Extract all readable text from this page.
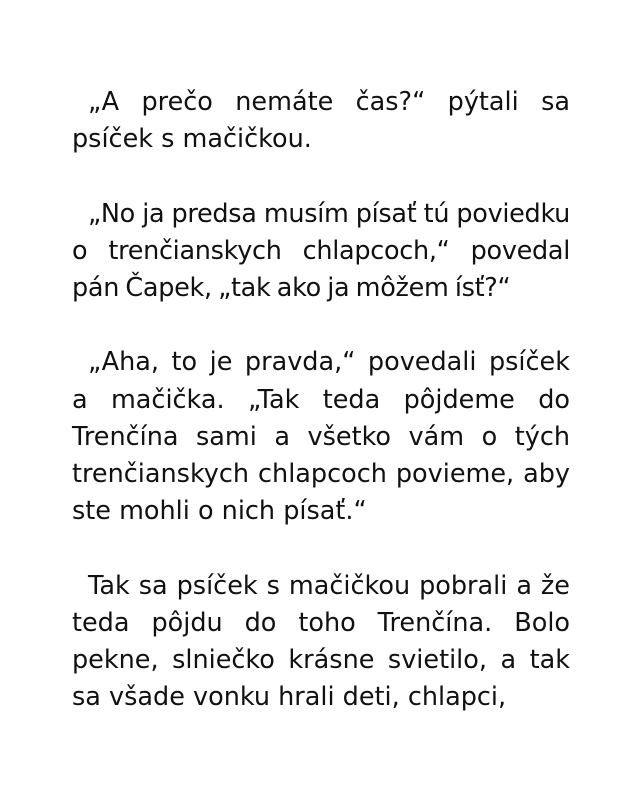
„A prečo nemáte čas?“ pýtali sa psíček s mačičkou.

„No ja predsa musím písať tú poviedku o trenčianskych chlapcoch,“ povedal pán Čapek, „tak ako ja môžem ísť?“

„Aha, to je pravda,“ povedali psíček a mačička. „Tak teda pôjdeme do Trenčína sami a všetko vám o tých trenčianskych chlapcoch povieme, aby ste mohli o nich písať.“

Tak sa psíček s mačičkou pobrali a že teda pôjdu do toho Trenčína. Bolo pekne, slniečko krásne svietilo, a tak sa všade vonku hrali deti, chlapci,
